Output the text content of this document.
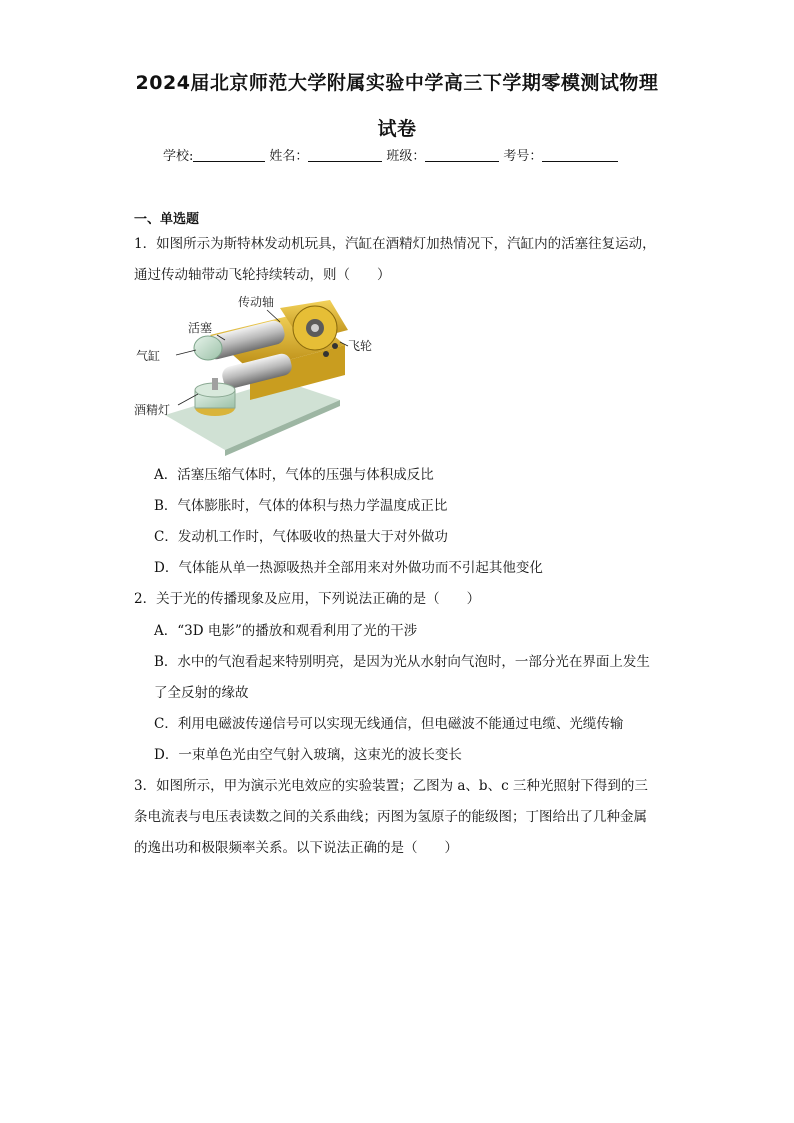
2024届北京师范大学附属实验中学高三下学期零模测试物理
试卷
学校:	姓名：	班级：	考号：
一、单选题
1．如图所示为斯特林发动机玩具，汽缸在酒精灯加热情况下，汽缸内的活塞往复运动，
通过传动轴带动飞轮持续转动，则（　　）
传动轴
活塞
气缸
飞轮
酒精灯
A．活塞压缩气体时，气体的压强与体积成反比
B．气体膨胀时，气体的体积与热力学温度成正比
C．发动机工作时，气体吸收的热量大于对外做功
D．气体能从单一热源吸热并全部用来对外做功而不引起其他变化
2．关于光的传播现象及应用，下列说法正确的是（　　）
A．“3D 电影”的播放和观看利用了光的干涉
B．水中的气泡看起来特别明亮，是因为光从水射向气泡时，一部分光在界面上发生
了全反射的缘故
C．利用电磁波传递信号可以实现无线通信，但电磁波不能通过电缆、光缆传输
D．一束单色光由空气射入玻璃，这束光的波长变长
3．如图所示，甲为演示光电效应的实验装置；乙图为 a、b、c 三种光照射下得到的三
条电流表与电压表读数之间的关系曲线；丙图为氢原子的能级图；丁图给出了几种金属
的逸出功和极限频率关系。以下说法正确的是（　　）
